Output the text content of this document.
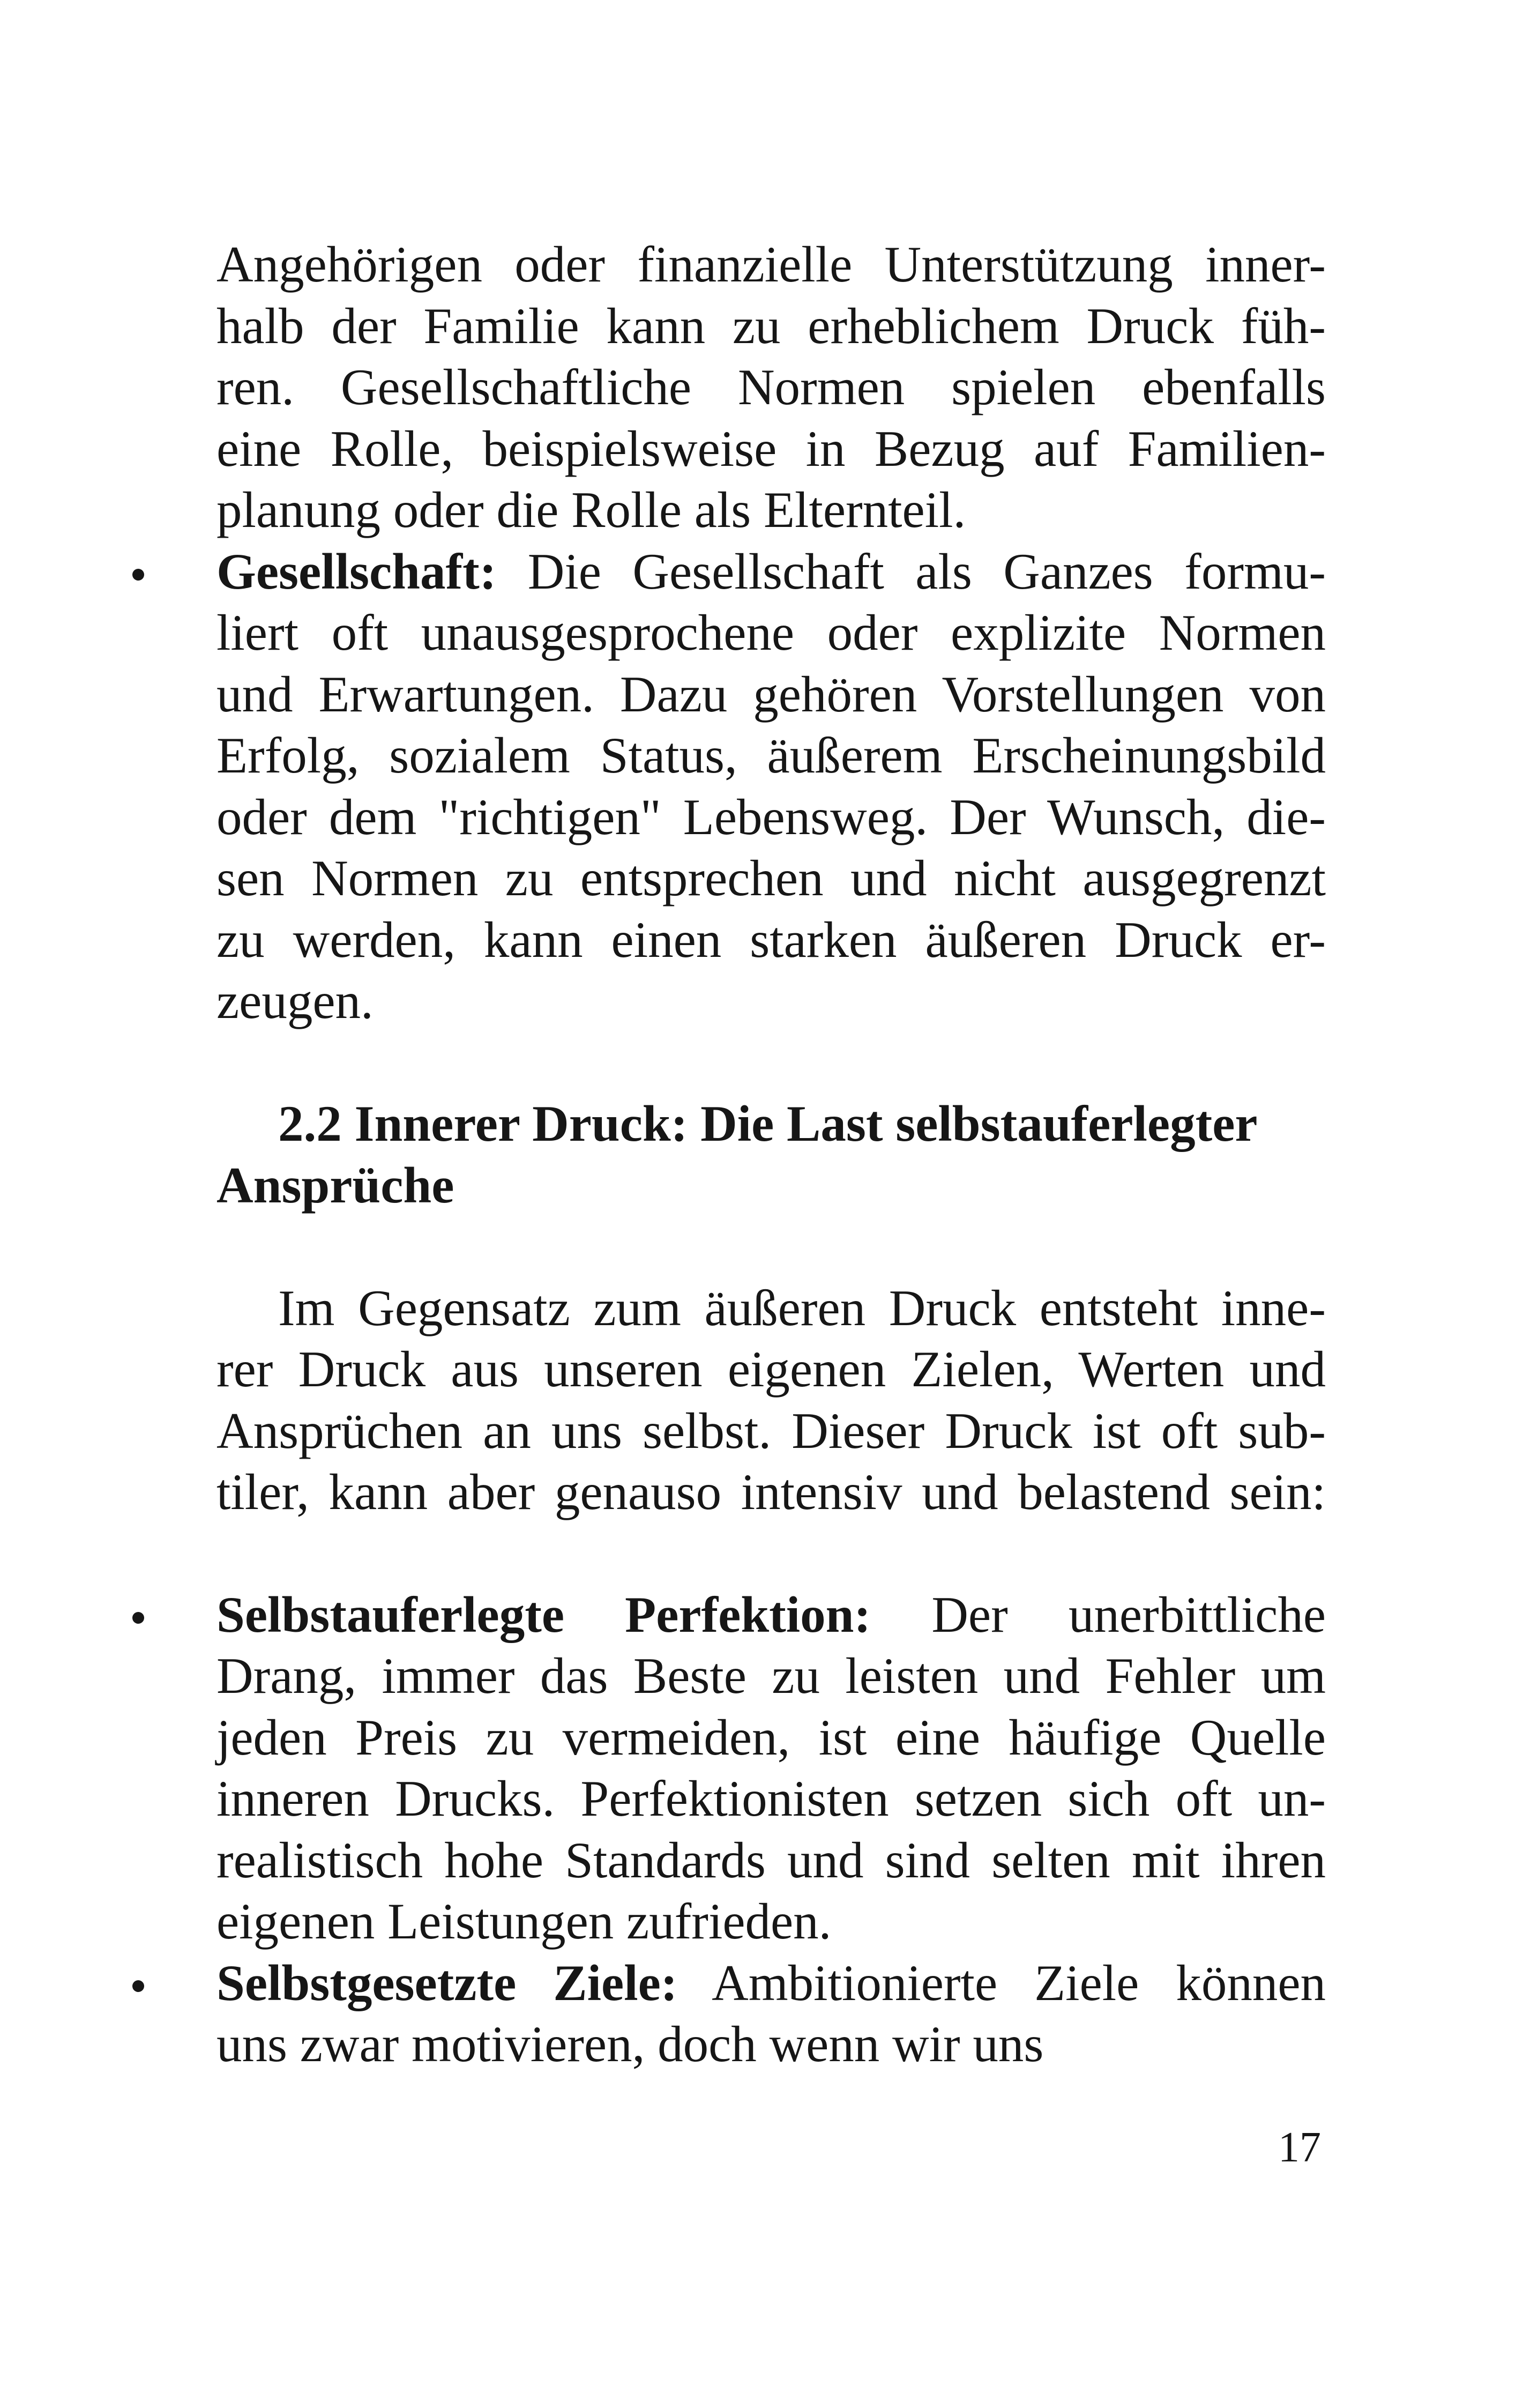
Angehörigen oder finanzielle Unterstützung inner-

halb der Familie kann zu erheblichem Druck füh-

ren. Gesellschaftliche Normen spielen ebenfalls

eine Rolle, beispielsweise in Bezug auf Familien-

planung oder die Rolle als Elternteil.

Gesellschaft: Die Gesellschaft als Ganzes formu-

liert oft unausgesprochene oder explizite Normen

und Erwartungen. Dazu gehören Vorstellungen von

Erfolg, sozialem Status, äußerem Erscheinungsbild

oder dem "richtigen" Lebensweg. Der Wunsch, die-

sen Normen zu entsprechen und nicht ausgegrenzt

zu werden, kann einen starken äußeren Druck er-

zeugen.

2.2 Innerer Druck: Die Last selbstauferlegter
Ansprüche

Im Gegensatz zum äußeren Druck entsteht inne-

rer Druck aus unseren eigenen Zielen, Werten und

Ansprüchen an uns selbst. Dieser Druck ist oft sub-

tiler, kann aber genauso intensiv und belastend sein:

Selbstauferlegte Perfektion: Der unerbittliche

Drang, immer das Beste zu leisten und Fehler um

jeden Preis zu vermeiden, ist eine häufige Quelle

inneren Drucks. Perfektionisten setzen sich oft un-

realistisch hohe Standards und sind selten mit ihren

eigenen Leistungen zufrieden.

Selbstgesetzte Ziele: Ambitionierte Ziele können

uns zwar motivieren, doch wenn wir uns

17
